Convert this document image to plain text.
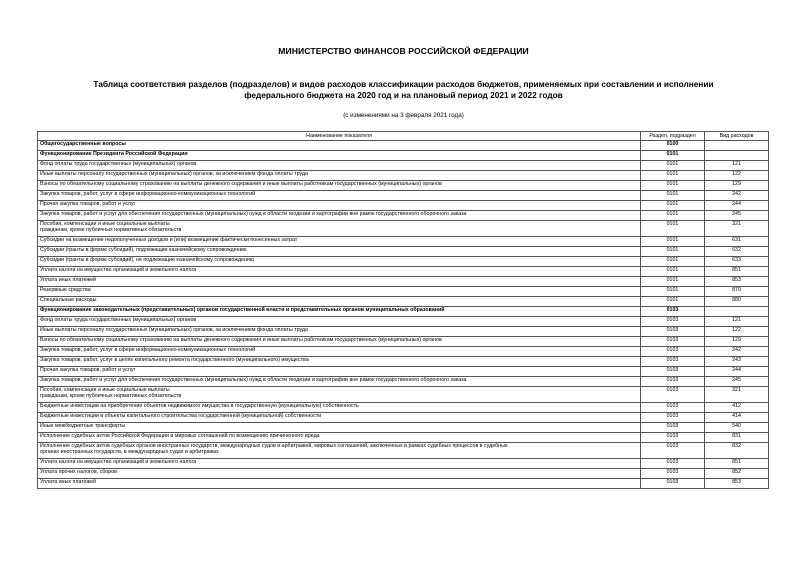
МИНИСТЕРСТВО ФИНАНСОВ РОССИЙСКОЙ ФЕДЕРАЦИИ
Таблица соответствия разделов (подразделов) и видов расходов классификации расходов бюджетов, применяемых при составлении и исполнении
федерального бюджета на 2020 год и на плановый период 2021 и 2022 годов
(с изменениями на 3 февраля 2021 года)
Наименование показателя	Раздел, подраздел	Вид расходов

Общегосударственные вопросы	0100	

Функционирование Президента Российской Федерации	0101	

Фонд оплаты труда государственных (муниципальных) органов	0101	121

Иные выплаты персоналу государственных (муниципальных) органов, за исключением фонда оплаты труда	0101	122

Взносы по обязательному социальному страхованию на выплаты денежного содержания и иные выплаты работникам государственных (муниципальных) органов	0101	129

Закупка товаров, работ, услуг в сфере информационно-коммуникационных технологий	0101	242

Прочая закупка товаров, работ и услуг	0101	244

Закупка товаров, работ и услуг для обеспечения государственных (муниципальных) нужд в области геодезии и картографии вне рамок государственного оборонного заказа	0101	245

Пособия, компенсации и иные социальные выплаты
гражданам, кроме публичных нормативных обязательств	0101	321

Субсидии на возмещение недополученных доходов и (или) возмещение фактически понесенных затрат	0101	631

Субсидии (гранты в форме субсидий), подлежащие казначейскому сопровождению	0101	632

Субсидии (гранты в форме субсидий), не подлежащие казначейскому сопровождению	0101	633

Уплата налога на имущество организаций и земельного налога	0101	851

Уплата иных платежей	0101	853

Резервные средства	0101	870

Специальные расходы	0101	880

Функционирование законодательных (представительных) органов государственной власти и представительных органов муниципальных образований	0103	

Фонд оплаты труда государственных (муниципальных) органов	0103	121

Иные выплаты персоналу государственных (муниципальных) органов, за исключением фонда оплаты труда	0103	122

Взносы по обязательному социальному страхованию на выплаты денежного содержания и иные выплаты работникам государственных (муниципальных) органов	0103	129

Закупка товаров, работ, услуг в сфере информационно-коммуникационных технологий	0103	242

Закупка товаров, работ, услуг в целях капитального ремонта государственного (муниципального) имущества	0103	243

Прочая закупка товаров, работ и услуг	0103	244

Закупка товаров, работ и услуг для обеспечения государственных (муниципальных) нужд в области геодезии и картографии вне рамок государственного оборонного заказа	0103	245

Пособия, компенсации и иные социальные выплаты
гражданам, кроме публичных нормативных обязательств	0103	321

Бюджетные инвестиции на приобретение объектов недвижимого имущества в государственную (муниципальную) собственность	0103	412

Бюджетные инвестиции в объекты капитального строительства государственной (муниципальной) собственности	0103	414

Иные межбюджетные трансферты	0103	540

Исполнение судебных актов Российской Федерации и мировых соглашений по возмещению причиненного вреда	0103	831

Исполнение судебных актов судебных органов иностранных государств, международных судов и арбитражей, мировых соглашений, заключенных в рамках судебных процессов в судебных
органах иностранных государств, в международных судах и арбитражах	0103	832

Уплата налога на имущество организаций и земельного налога	0103	851

Уплата прочих налогов, сборов	0103	852

Уплата иных платежей	0103	853
